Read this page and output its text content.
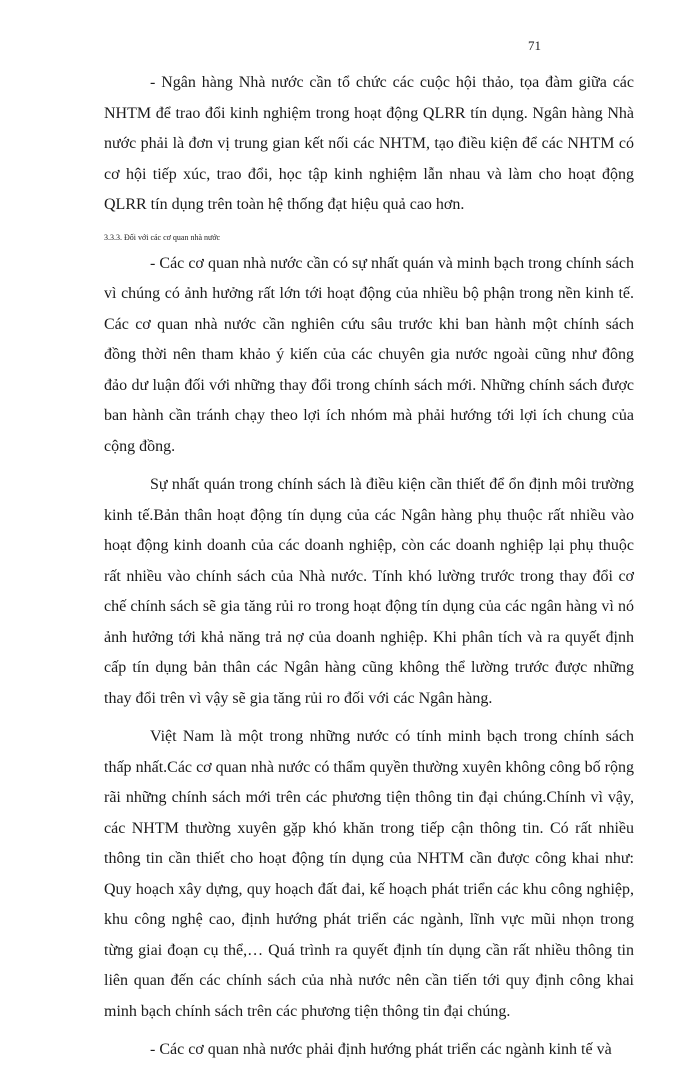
71

- Ngân hàng Nhà nước cần tổ chức các cuộc hội thảo, tọa đàm giữa các NHTM để trao đổi kinh nghiệm trong hoạt động QLRR tín dụng. Ngân hàng Nhà nước phải là đơn vị trung gian kết nối các NHTM, tạo điều kiện để các NHTM có cơ hội tiếp xúc, trao đổi, học tập kinh nghiệm lẫn nhau và làm cho hoạt động QLRR tín dụng trên toàn hệ thống đạt hiệu quả cao hơn.

3.3.3. Đối với các cơ quan nhà nước

- Các cơ quan nhà nước cần có sự nhất quán và minh bạch trong chính sách vì chúng có ảnh hưởng rất lớn tới hoạt động của nhiều bộ phận trong nền kinh tế. Các cơ quan nhà nước cần nghiên cứu sâu trước khi ban hành một chính sách đồng thời nên tham khảo ý kiến của các chuyên gia nước ngoài cũng như đông đảo dư luận đối với những thay đổi trong chính sách mới. Những chính sách được ban hành cần tránh chạy theo lợi ích nhóm mà phải hướng tới lợi ích chung của cộng đồng.

Sự nhất quán trong chính sách là điều kiện cần thiết để ổn định môi trường kinh tế.Bản thân hoạt động tín dụng của các Ngân hàng phụ thuộc rất nhiều vào hoạt động kinh doanh của các doanh nghiệp, còn các doanh nghiệp lại phụ thuộc rất nhiều vào chính sách của Nhà nước. Tính khó lường trước trong thay đổi cơ chế chính sách sẽ gia tăng rủi ro trong hoạt động tín dụng của các ngân hàng vì nó ảnh hưởng tới khả năng trả nợ của doanh nghiệp. Khi phân tích và ra quyết định cấp tín dụng bản thân các Ngân hàng cũng không thể lường trước được những thay đổi trên vì vậy sẽ gia tăng rủi ro đối với các Ngân hàng.

Việt Nam là một trong những nước có tính minh bạch trong chính sách thấp nhất.Các cơ quan nhà nước có thẩm quyền thường xuyên không công bố rộng rãi những chính sách mới trên các phương tiện thông tin đại chúng.Chính vì vậy, các NHTM thường xuyên gặp khó khăn trong tiếp cận thông tin. Có rất nhiều thông tin cần thiết cho hoạt động tín dụng của NHTM cần được công khai như: Quy hoạch xây dựng, quy hoạch đất đai, kế hoạch phát triển các khu công nghiệp, khu công nghệ cao, định hướng phát triển các ngành, lĩnh vực mũi nhọn trong từng giai đoạn cụ thể,… Quá trình ra quyết định tín dụng cần rất nhiều thông tin liên quan đến các chính sách của nhà nước nên cần tiến tới quy định công khai minh bạch chính sách trên các phương tiện thông tin đại chúng.

- Các cơ quan nhà nước phải định hướng phát triển các ngành kinh tế và
